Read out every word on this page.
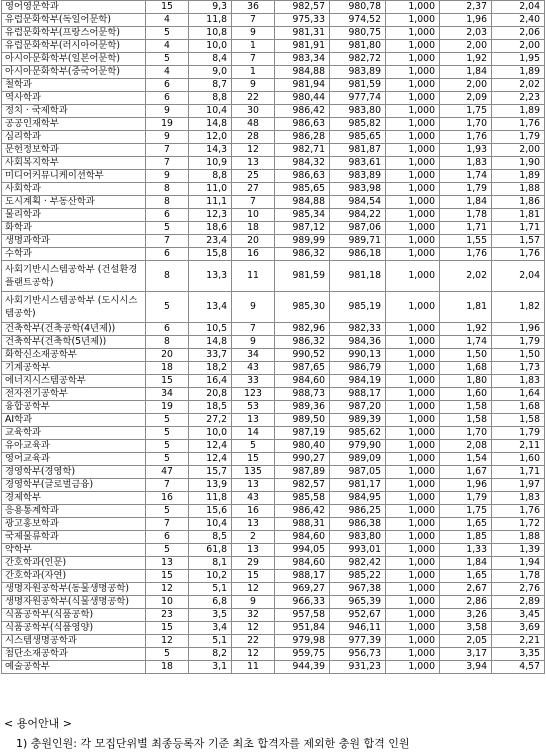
영어영문학과	15	9,3	36	982,57	980,78	1,000	2,37	2,04
유럽문화학부(독일어문학)	4	11,8	7	975,33	974,52	1,000	1,96	2,40
유럽문화학부(프랑스어문학)	5	10,8	9	981,31	980,75	1,000	2,03	2,06
유럽문화학부(러시아어문학)	4	10,0	1	981,91	981,80	1,000	2,00	2,00
아시아문화학부(일본어문학)	5	8,4	7	983,34	982,72	1,000	1,92	1,95
아시아문화학부(중국어문학)	4	9,0	1	984,88	983,89	1,000	1,84	1,89
철학과	6	8,7	9	981,94	981,59	1,000	2,00	2,02
역사학과	6	8,8	22	980,44	977,74	1,000	2,09	2,23
정치 · 국제학과	9	10,4	30	986,42	983,80	1,000	1,75	1,89
공공인재학부	19	14,8	48	986,63	985,82	1,000	1,70	1,76
심리학과	9	12,0	28	986,28	985,65	1,000	1,76	1,79
문헌정보학과	7	14,3	12	982,71	981,87	1,000	1,93	2,00
사회복지학부	7	10,9	13	984,32	983,61	1,000	1,83	1,90
미디어커뮤니케이션학부	9	8,8	25	986,63	983,89	1,000	1,74	1,89
사회학과	8	11,0	27	985,65	983,98	1,000	1,79	1,88
도시계획 · 부동산학과	8	11,1	7	984,88	984,54	1,000	1,84	1,86
물리학과	6	12,3	10	985,34	984,22	1,000	1,78	1,81
화학과	5	18,6	18	987,12	987,06	1,000	1,71	1,71
생명과학과	7	23,4	20	989,99	989,71	1,000	1,55	1,57
수학과	6	15,8	16	986,32	986,18	1,000	1,76	1,76
사회기반시스템공학부 (건설환경플랜트공학)	8	13,3	11	981,59	981,18	1,000	2,02	2,04
사회기반시스템공학부 (도시시스템공학)	5	13,4	9	985,30	985,19	1,000	1,81	1,82
건축학부(건축공학(4년제))	6	10,5	7	982,96	982,33	1,000	1,92	1,96
건축학부(건축학(5년제))	8	14,8	9	986,32	984,36	1,000	1,74	1,79
화학신소재공학부	20	33,7	34	990,52	990,13	1,000	1,50	1,50
기계공학부	18	18,2	43	987,65	986,79	1,000	1,68	1,73
에너지시스템공학부	15	16,4	33	984,60	984,19	1,000	1,80	1,83
전자전기공학부	34	20,8	123	988,73	988,17	1,000	1,60	1,64
융합공학부	19	18,5	53	989,36	987,20	1,000	1,58	1,68
AI학과	5	27,2	13	989,50	989,39	1,000	1,58	1,58
교육학과	5	10,0	14	987,19	985,62	1,000	1,70	1,79
유아교육과	5	12,4	5	980,40	979,90	1,000	2,08	2,11
영어교육과	5	12,4	15	990,27	989,09	1,000	1,54	1,60
경영학부(경영학)	47	15,7	135	987,89	987,05	1,000	1,67	1,71
경영학부(글로벌금융)	7	13,9	13	982,57	981,17	1,000	1,96	1,97
경제학부	16	11,8	43	985,58	984,95	1,000	1,79	1,83
응용통계학과	5	15,6	16	986,42	986,25	1,000	1,75	1,76
광고홍보학과	7	10,4	13	988,31	986,38	1,000	1,65	1,72
국제물류학과	6	8,5	2	984,60	983,80	1,000	1,85	1,88
약학부	5	61,8	13	994,05	993,01	1,000	1,33	1,39
간호학과(인문)	13	8,1	29	984,60	982,42	1,000	1,84	1,94
간호학과(자연)	15	10,2	15	988,17	985,22	1,000	1,65	1,78
생명자원공학부(동물생명공학)	12	5,1	12	969,27	967,38	1,000	2,67	2,76
생명자원공학부(식물생명공학)	10	6,8	9	966,33	965,39	1,000	2,86	2,89
식품공학부(식품공학)	23	3,5	32	957,58	952,67	1,000	3,26	3,45
식품공학부(식품영양)	15	3,4	12	951,84	946,11	1,000	3,58	3,69
시스템생명공학과	12	5,1	22	979,98	977,39	1,000	2,05	2,21
첨단소재공학과	5	8,2	12	959,75	956,73	1,000	3,17	3,35
예술공학부	18	3,1	11	944,39	931,23	1,000	3,94	4,57
< 용어안내 >
1) 충원인원: 각 모집단위별 최종등록자 기준 최초 합격자를 제외한 충원 합격 인원
